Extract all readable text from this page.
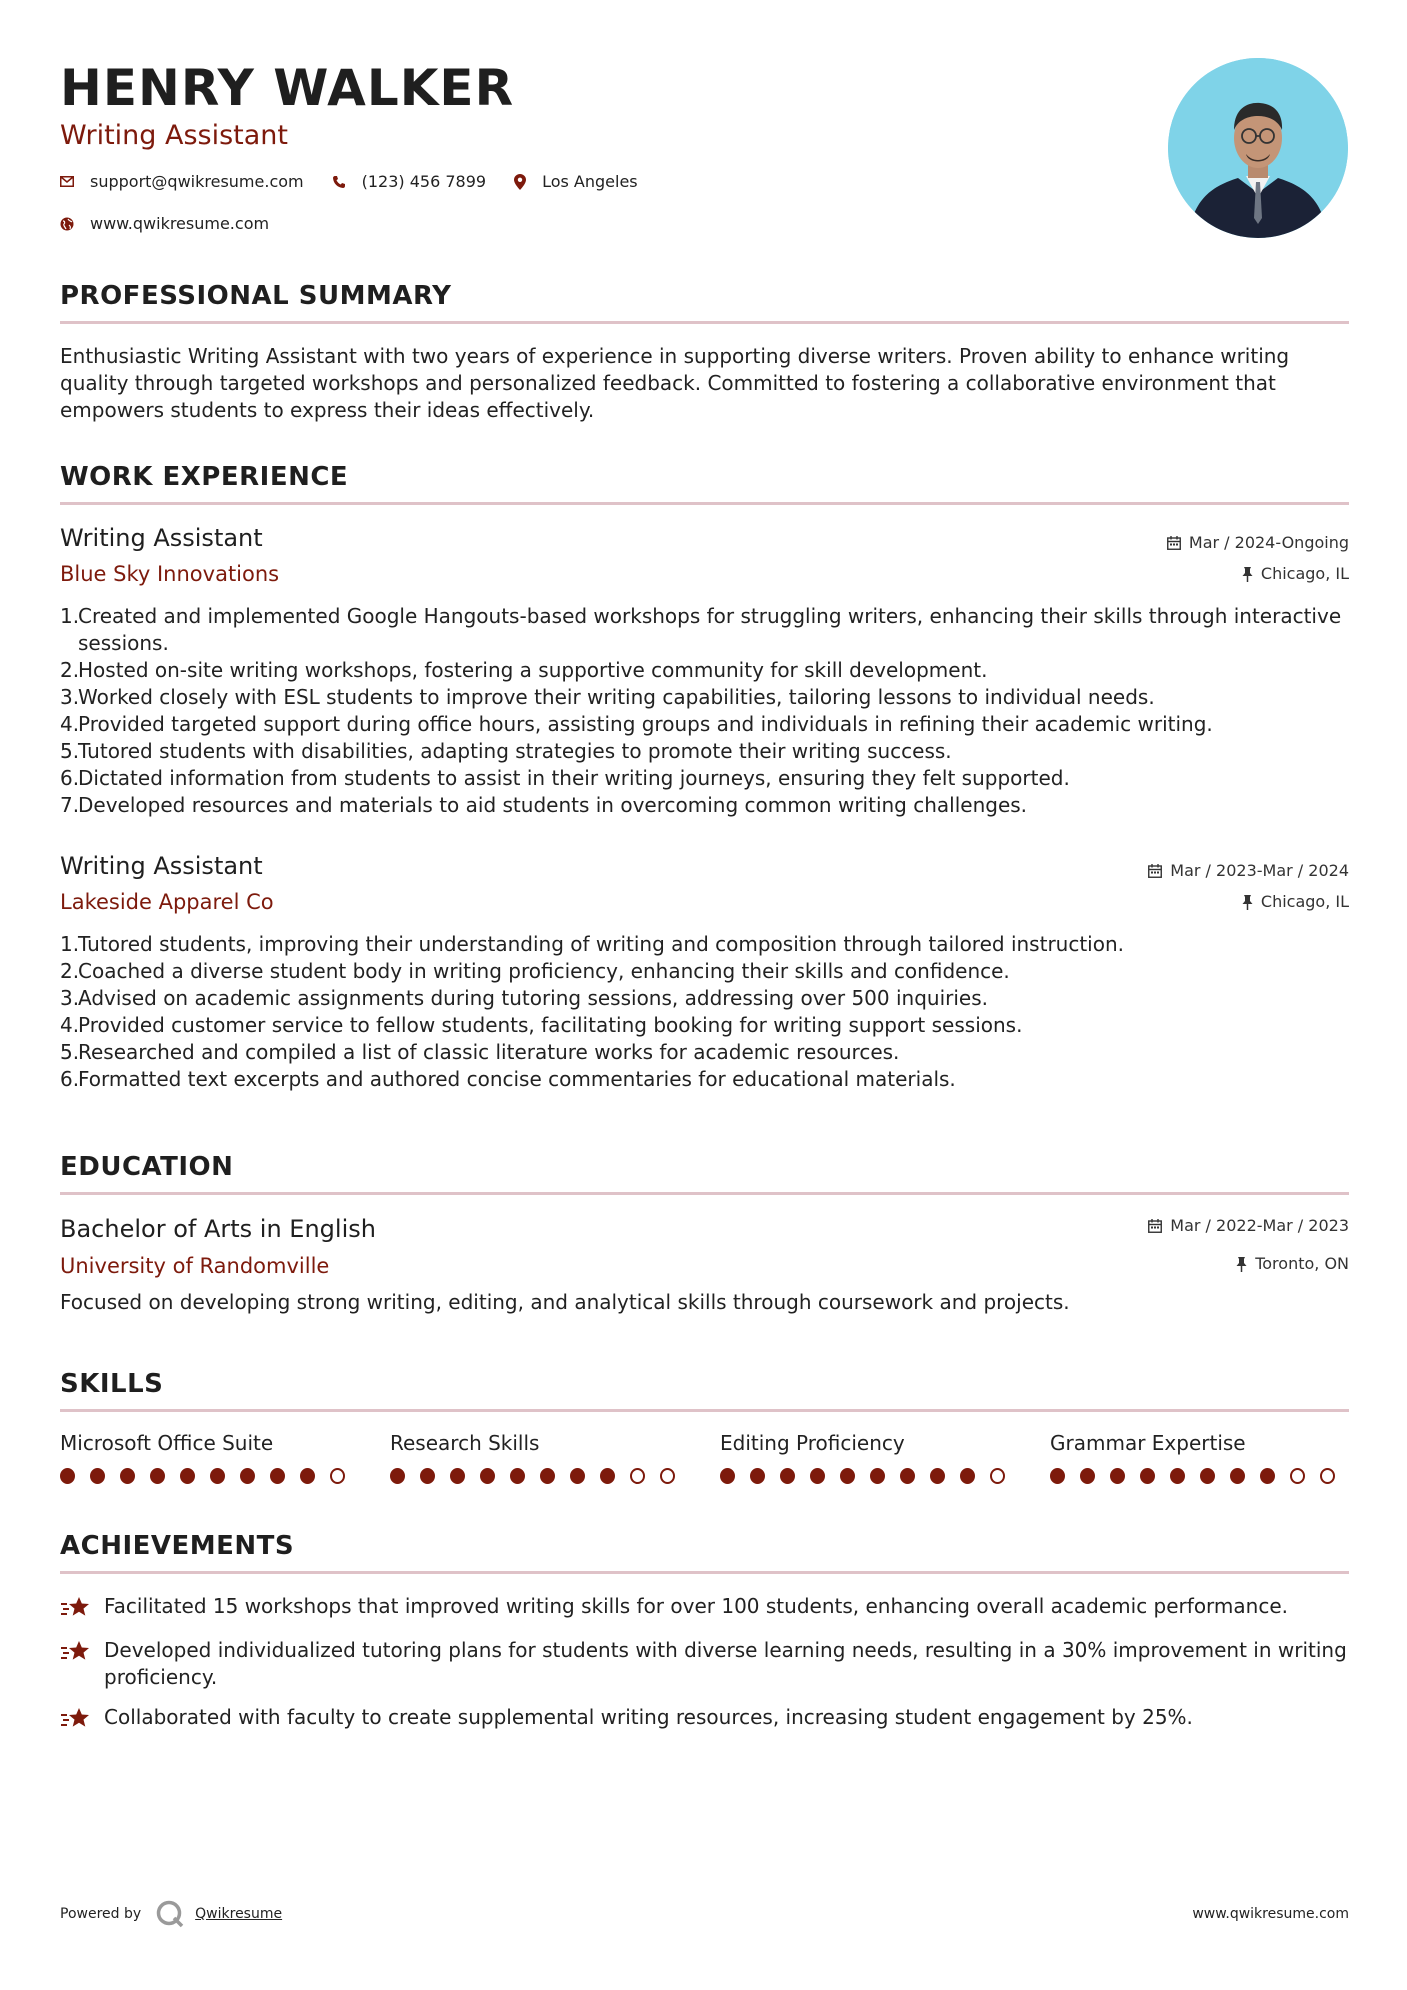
HENRY WALKER
Writing Assistant
support@qwikresume.com	(123) 456 7899	Los Angeles
www.qwikresume.com
PROFESSIONAL SUMMARY
Enthusiastic Writing Assistant with two years of experience in supporting diverse writers. Proven ability to enhance writing quality through targeted workshops and personalized feedback. Committed to fostering a collaborative environment that empowers students to express their ideas effectively.
WORK EXPERIENCE
Writing Assistant	Mar / 2024-Ongoing
Blue Sky Innovations	Chicago, IL
1.
Created and implemented Google Hangouts-based workshops for struggling writers, enhancing their skills through interactive sessions.
2.
Hosted on-site writing workshops, fostering a supportive community for skill development.
3.
Worked closely with ESL students to improve their writing capabilities, tailoring lessons to individual needs.
4.
Provided targeted support during office hours, assisting groups and individuals in refining their academic writing.
5.
Tutored students with disabilities, adapting strategies to promote their writing success.
6.
Dictated information from students to assist in their writing journeys, ensuring they felt supported.
7.
Developed resources and materials to aid students in overcoming common writing challenges.
Writing Assistant	Mar / 2023-Mar / 2024
Lakeside Apparel Co	Chicago, IL
1.
Tutored students, improving their understanding of writing and composition through tailored instruction.
2.
Coached a diverse student body in writing proficiency, enhancing their skills and confidence.
3.
Advised on academic assignments during tutoring sessions, addressing over 500 inquiries.
4.
Provided customer service to fellow students, facilitating booking for writing support sessions.
5.
Researched and compiled a list of classic literature works for academic resources.
6.
Formatted text excerpts and authored concise commentaries for educational materials.
EDUCATION
Bachelor of Arts in English	Mar / 2022-Mar / 2023
University of Randomville	Toronto, ON
Focused on developing strong writing, editing, and analytical skills through coursework and projects.
SKILLS
Microsoft Office Suite	Research Skills	Editing Proficiency	Grammar Expertise
ACHIEVEMENTS
Facilitated 15 workshops that improved writing skills for over 100 students, enhancing overall academic performance.
Developed individualized tutoring plans for students with diverse learning needs, resulting in a 30% improvement in writing proficiency.
Collaborated with faculty to create supplemental writing resources, increasing student engagement by 25%.
Powered by	Qwikresume	www.qwikresume.com
